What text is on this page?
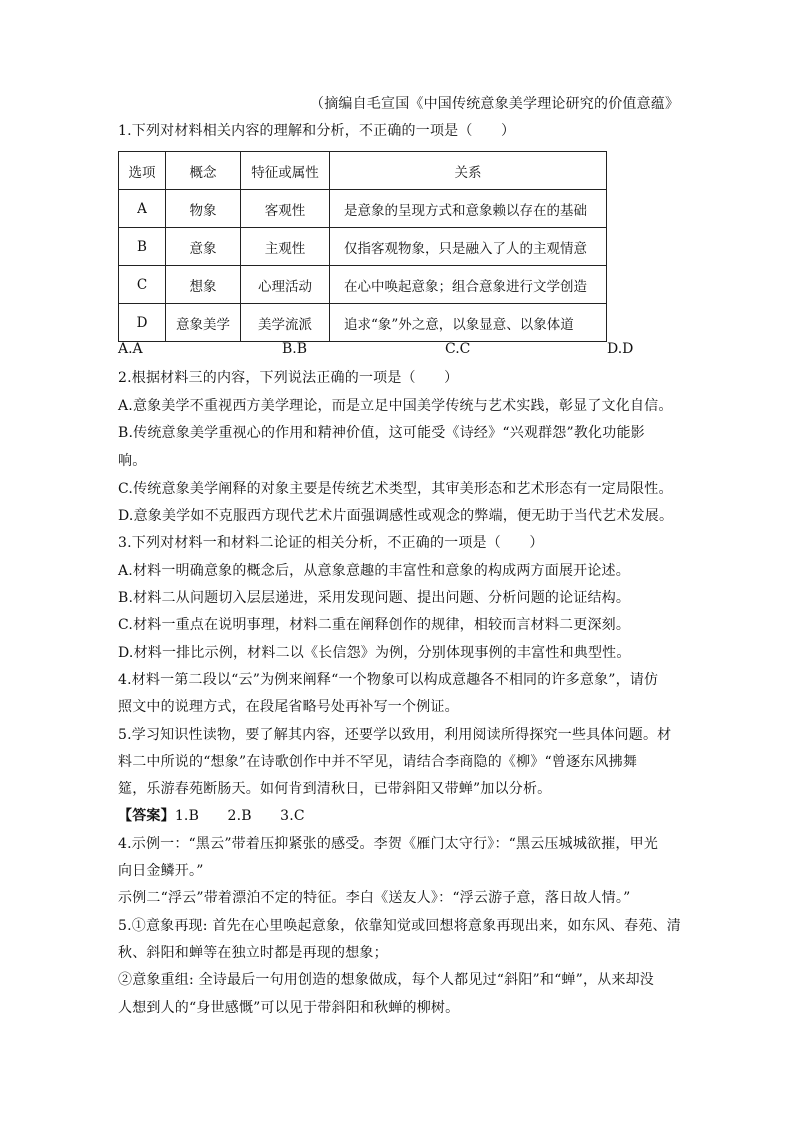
（摘编自毛宣国《中国传统意象美学理论研究的价值意蕴》
1.下列对材料相关内容的理解和分析，不正确的一项是（　　）
选项	概念	特征或属性	关系
A	物象	客观性	是意象的呈现方式和意象赖以存在的基础
B	意象	主观性	仅指客观物象，只是融入了人的主观情意
C	想象	心理活动	在心中唤起意象；组合意象进行文学创造
D	意象美学	美学流派	追求“象”外之意，以象显意、以象体道
A.A	B.B	C.C	D.D
2.根据材料三的内容，下列说法正确的一项是（　　）
A.意象美学不重视西方美学理论，而是立足中国美学传统与艺术实践，彰显了文化自信。
B.传统意象美学重视心的作用和精神价值，这可能受《诗经》“兴观群怨”教化功能影
响。
C.传统意象美学阐释的对象主要是传统艺术类型，其审美形态和艺术形态有一定局限性。
D.意象美学如不克服西方现代艺术片面强调感性或观念的弊端，便无助于当代艺术发展。
3.下列对材料一和材料二论证的相关分析，不正确的一项是（　　）
A.材料一明确意象的概念后，从意象意趣的丰富性和意象的构成两方面展开论述。
B.材料二从问题切入层层递进，采用发现问题、提出问题、分析问题的论证结构。
C.材料一重点在说明事理，材料二重在阐释创作的规律，相较而言材料二更深刻。
D.材料一排比示例，材料二以《长信怨》为例，分别体现事例的丰富性和典型性。
4.材料一第二段以“云”为例来阐释“一个物象可以构成意趣各不相同的许多意象”，请仿
照文中的说理方式，在段尾省略号处再补写一个例证。
5.学习知识性读物，要了解其内容，还要学以致用，利用阅读所得探究一些具体问题。材
料二中所说的“想象”在诗歌创作中并不罕见，请结合李商隐的《柳》“曾逐东风拂舞
筵，乐游春苑断肠天。如何肯到清秋日，已带斜阳又带蝉”加以分析。
【答案】1.B　　2.B　　3.C
4.示例一：“黑云”带着压抑紧张的感受。李贺《雁门太守行》：“黑云压城城欲摧，甲光
向日金鳞开。”
示例二“浮云”带着漂泊不定的特征。李白《送友人》：“浮云游子意，落日故人情。”
5.①意象再现: 首先在心里唤起意象，依靠知觉或回想将意象再现出来，如东风、春苑、清
秋、斜阳和蝉等在独立时都是再现的想象；
②意象重组: 全诗最后一句用创造的想象做成，每个人都见过“斜阳”和“蝉”，从来却没
人想到人的“身世感慨”可以见于带斜阳和秋蝉的柳树。
